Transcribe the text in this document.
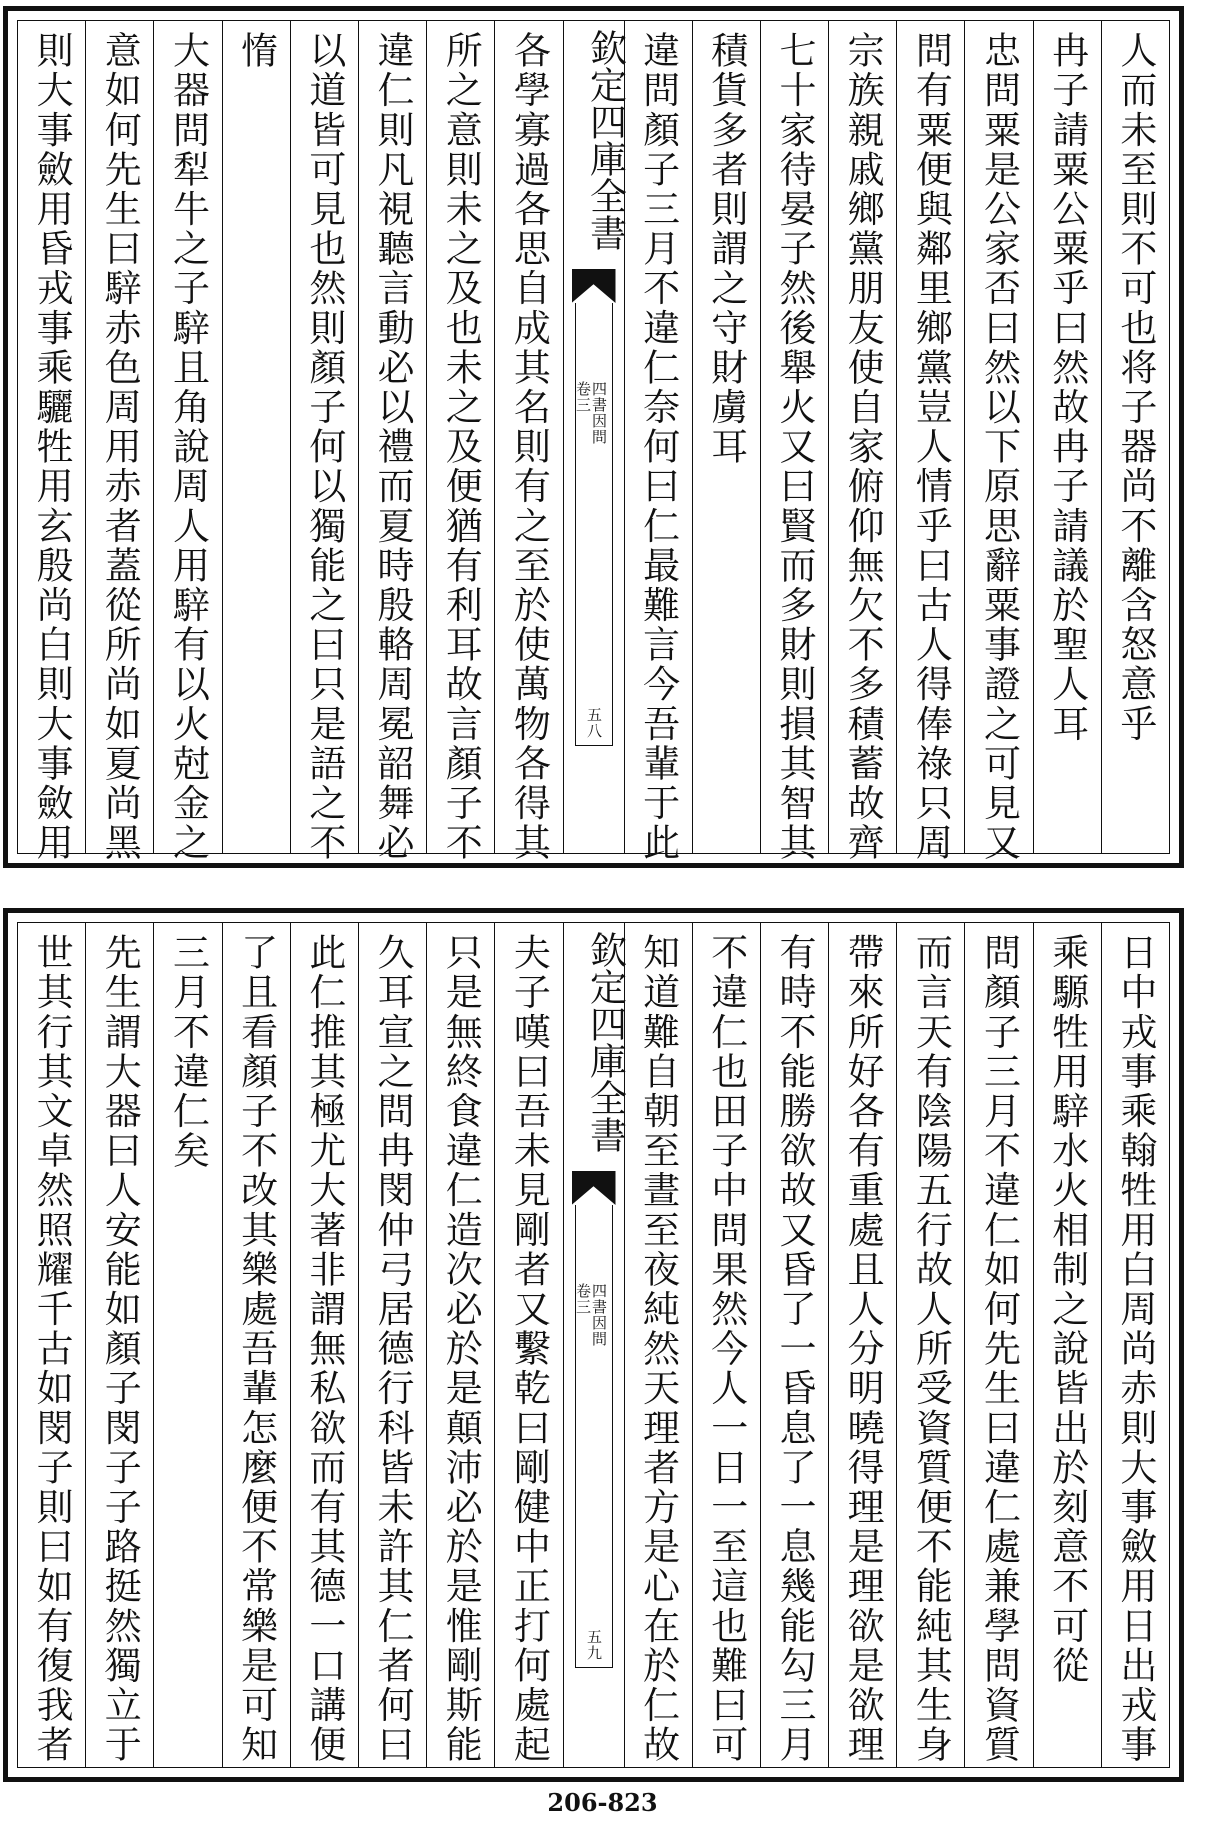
人而未至則不可也将子器尚不離含怒意乎
冉子請粟公粟乎曰然故冉子請議於聖人耳
忠問粟是公家否曰然以下原思辭粟事證之可見又
問有粟便與鄰里鄉黨豈人情乎曰古人得俸祿只周
宗族親戚鄉黨朋友使自家俯仰無欠不多積蓄故齊
七十家待晏子然後舉火又曰賢而多財則損其智其
積貨多者則謂之守財虜耳
違問顏子三月不違仁奈何曰仁最難言今吾輩于此
欽定四庫全書
四書因問
卷三
五八
各學寡過各思自成其名則有之至於使萬物各得其
所之意則未之及也未之及便猶有利耳故言顏子不
違仁則凡視聽言動必以禮而夏時殷輅周冕韶舞必
以道皆可見也然則顏子何以獨能之曰只是語之不
惰
大器問犁牛之子騂且角說周人用騂有以火尅金之
意如何先生曰騂赤色周用赤者蓋從所尚如夏尚黑
則大事斂用昏戎事乘驪牲用玄殷尚白則大事斂用
日中戎事乘翰牲用白周尚赤則大事斂用日出戎事
乘騵牲用騂水火相制之說皆出於刻意不可從
問顏子三月不違仁如何先生曰違仁處兼學問資質
而言天有陰陽五行故人所受資質便不能純其生身
帶來所好各有重處且人分明曉得理是理欲是欲理
有時不能勝欲故又昏了一昏息了一息幾能勾三月
不違仁也田子中問果然今人一日一至這也難曰可
知道難自朝至晝至夜純然天理者方是心在於仁故
欽定四庫全書
四書因問
卷三
五九
夫子嘆曰吾未見剛者又繫乾曰剛健中正打何處起
只是無終食違仁造次必於是顛沛必於是惟剛斯能
久耳宣之問冉閔仲弓居德行科皆未許其仁者何曰
此仁推其極尤大著非謂無私欲而有其德一口講便
了且看顏子不改其樂處吾輩怎麼便不常樂是可知
三月不違仁矣
先生謂大器曰人安能如顏子閔子子路挺然獨立于
世其行其文卓然照耀千古如閔子則曰如有復我者
206-823
